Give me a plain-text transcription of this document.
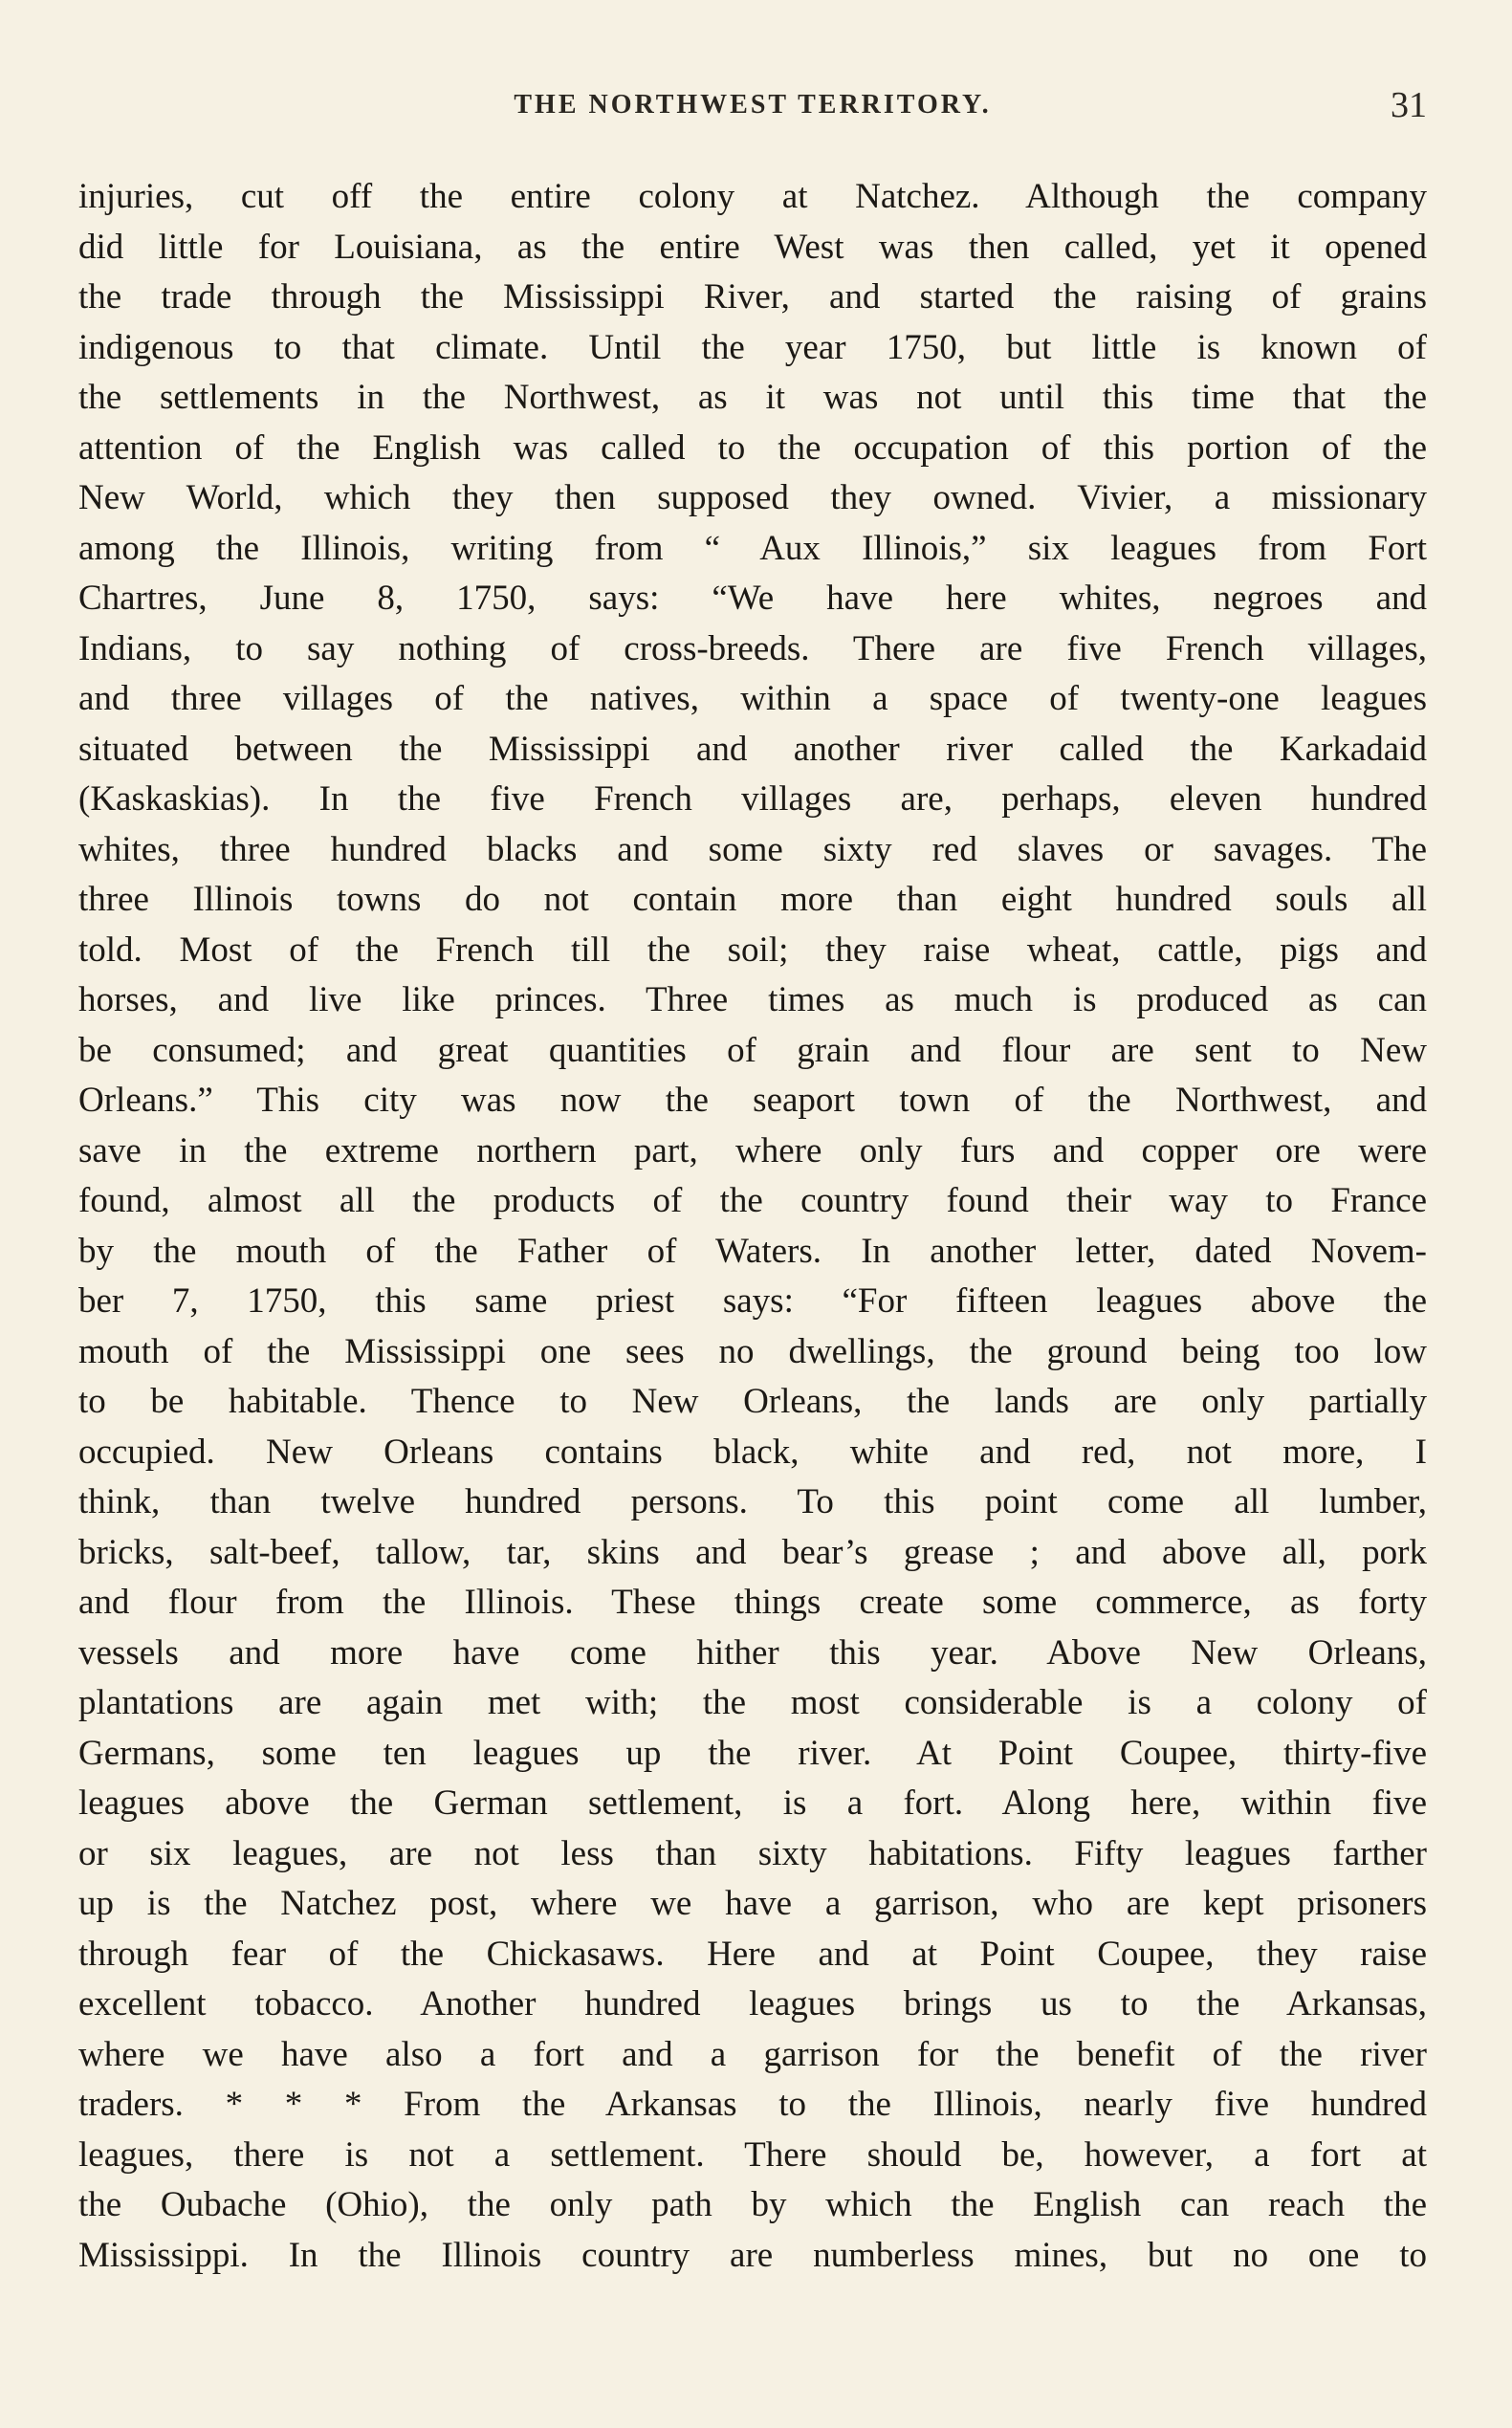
THE NORTHWEST TERRITORY.	31
injuries, cut off the entire colony at Natchez. Although the company
did little for Louisiana, as the entire West was then called, yet it opened
the trade through the Mississippi River, and started the raising of grains
indigenous to that climate. Until the year 1750, but little is known of
the settlements in the Northwest, as it was not until this time that the
attention of the English was called to the occupation of this portion of the
New World, which they then supposed they owned. Vivier, a missionary
among the Illinois, writing from “ Aux Illinois,” six leagues from Fort
Chartres, June 8, 1750, says: “We have here whites, negroes and
Indians, to say nothing of cross-breeds. There are five French villages,
and three villages of the natives, within a space of twenty-one leagues
situated between the Mississippi and another river called the Karkadaid
(Kaskaskias). In the five French villages are, perhaps, eleven hundred
whites, three hundred blacks and some sixty red slaves or savages. The
three Illinois towns do not contain more than eight hundred souls all
told. Most of the French till the soil; they raise wheat, cattle, pigs and
horses, and live like princes. Three times as much is produced as can
be consumed; and great quantities of grain and flour are sent to New
Orleans.” This city was now the seaport town of the Northwest, and
save in the extreme northern part, where only furs and copper ore were
found, almost all the products of the country found their way to France
by the mouth of the Father of Waters. In another letter, dated Novem-
ber 7, 1750, this same priest says: “For fifteen leagues above the
mouth of the Mississippi one sees no dwellings, the ground being too low
to be habitable. Thence to New Orleans, the lands are only partially
occupied. New Orleans contains black, white and red, not more, I
think, than twelve hundred persons. To this point come all lumber,
bricks, salt-beef, tallow, tar, skins and bear’s grease ; and above all, pork
and flour from the Illinois. These things create some commerce, as forty
vessels and more have come hither this year. Above New Orleans,
plantations are again met with; the most considerable is a colony of
Germans, some ten leagues up the river. At Point Coupee, thirty-five
leagues above the German settlement, is a fort. Along here, within five
or six leagues, are not less than sixty habitations. Fifty leagues farther
up is the Natchez post, where we have a garrison, who are kept prisoners
through fear of the Chickasaws. Here and at Point Coupee, they raise
excellent tobacco. Another hundred leagues brings us to the Arkansas,
where we have also a fort and a garrison for the benefit of the river
traders. * * * From the Arkansas to the Illinois, nearly five hundred
leagues, there is not a settlement. There should be, however, a fort at
the Oubache (Ohio), the only path by which the English can reach the
Mississippi. In the Illinois country are numberless mines, but no one to
